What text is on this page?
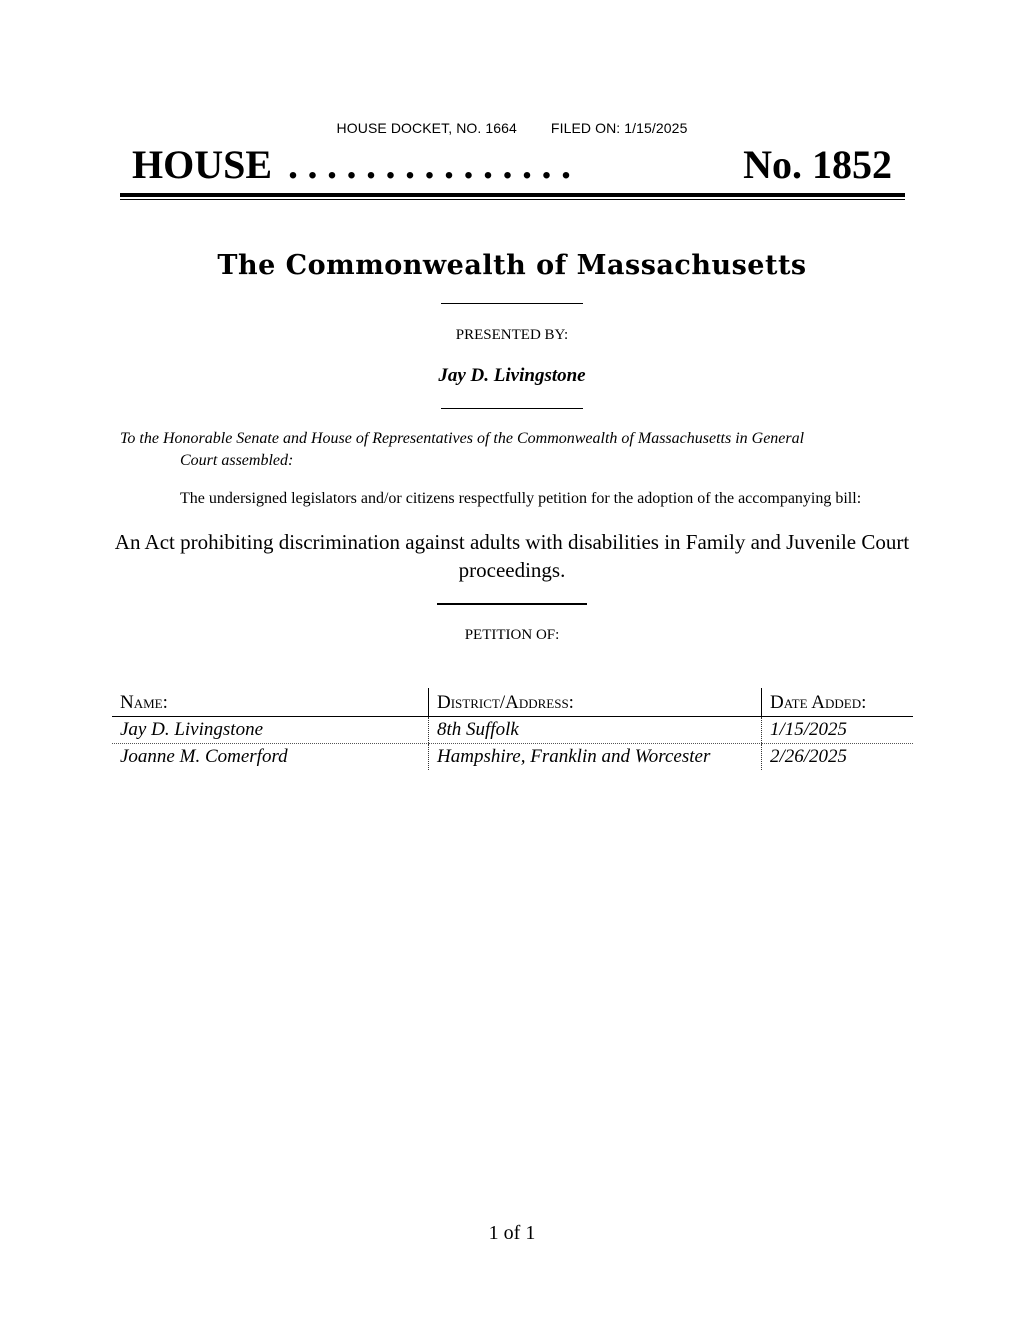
HOUSE DOCKET, NO. 1664 FILED ON: 1/15/2025
HOUSE ...............	No. 1852
The Commonwealth of Massachusetts
PRESENTED BY:
Jay D. Livingstone
To the Honorable Senate and House of Representatives of the Commonwealth of Massachusetts in General
Court assembled:
The undersigned legislators and/or citizens respectfully petition for the adoption of the accompanying bill:
An Act prohibiting discrimination against adults with disabilities in Family and Juvenile Court
proceedings.
PETITION OF:
Name:	District/Address:	Date Added:
Jay D. Livingstone	8th Suffolk	1/15/2025
Joanne M. Comerford	Hampshire, Franklin and Worcester	2/26/2025
1 of 1
